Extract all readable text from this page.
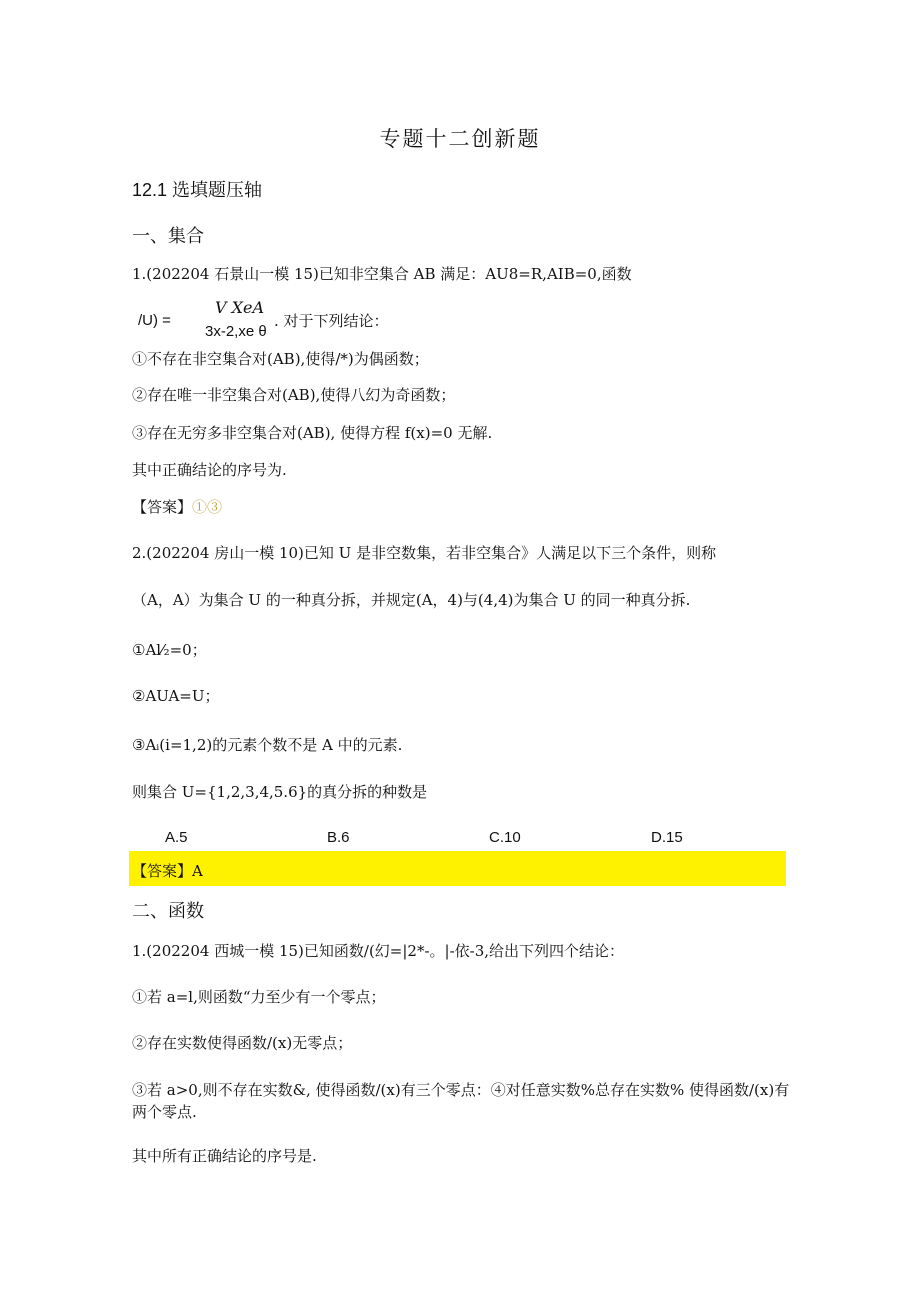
专题十二创新题
12.1 选填题压轴
一、集合
1.(202204 石景山一模 15)已知非空集合 AB 满足：AU8=R,AIB=0,函数
/U) =
V XeA
3x-2,xe θ
. 对于下列结论：
①不存在非空集合对(AB),使得/*)为偶函数；
②存在唯一非空集合对(AB),使得八幻为奇函数；
③存在无穷多非空集合对(AB), 使得方程 f(x)=0 无解.
其中正确结论的序号为.
【答案】①③
2.(202204 房山一模 10)已知 U 是非空数集，若非空集合》人满足以下三个条件，则称
（A，A）为集合 U 的一种真分拆，并规定(A，4)与(4,4)为集合 U 的同一种真分拆.
①Al⁄₂=0；
②AUA=U；
③Aᵢ(i=1,2)的元素个数不是 A 中的元素.
则集合 U={1,2,3,4,5.6}的真分拆的种数是
A.5	B.6	C.10	D.15
【答案】A
二、函数
1.(202204 西城一模 15)已知函数/(幻=|2*-。|-依-3,给出下列四个结论：
①若 a=l,则函数“力至少有一个零点；
②存在实数使得函数/(x)无零点；
③若 a>0,则不存在实数&, 使得函数/(x)有三个零点：④对任意实数%总存在实数% 使得函数/(x)有
两个零点.
其中所有正确结论的序号是.
